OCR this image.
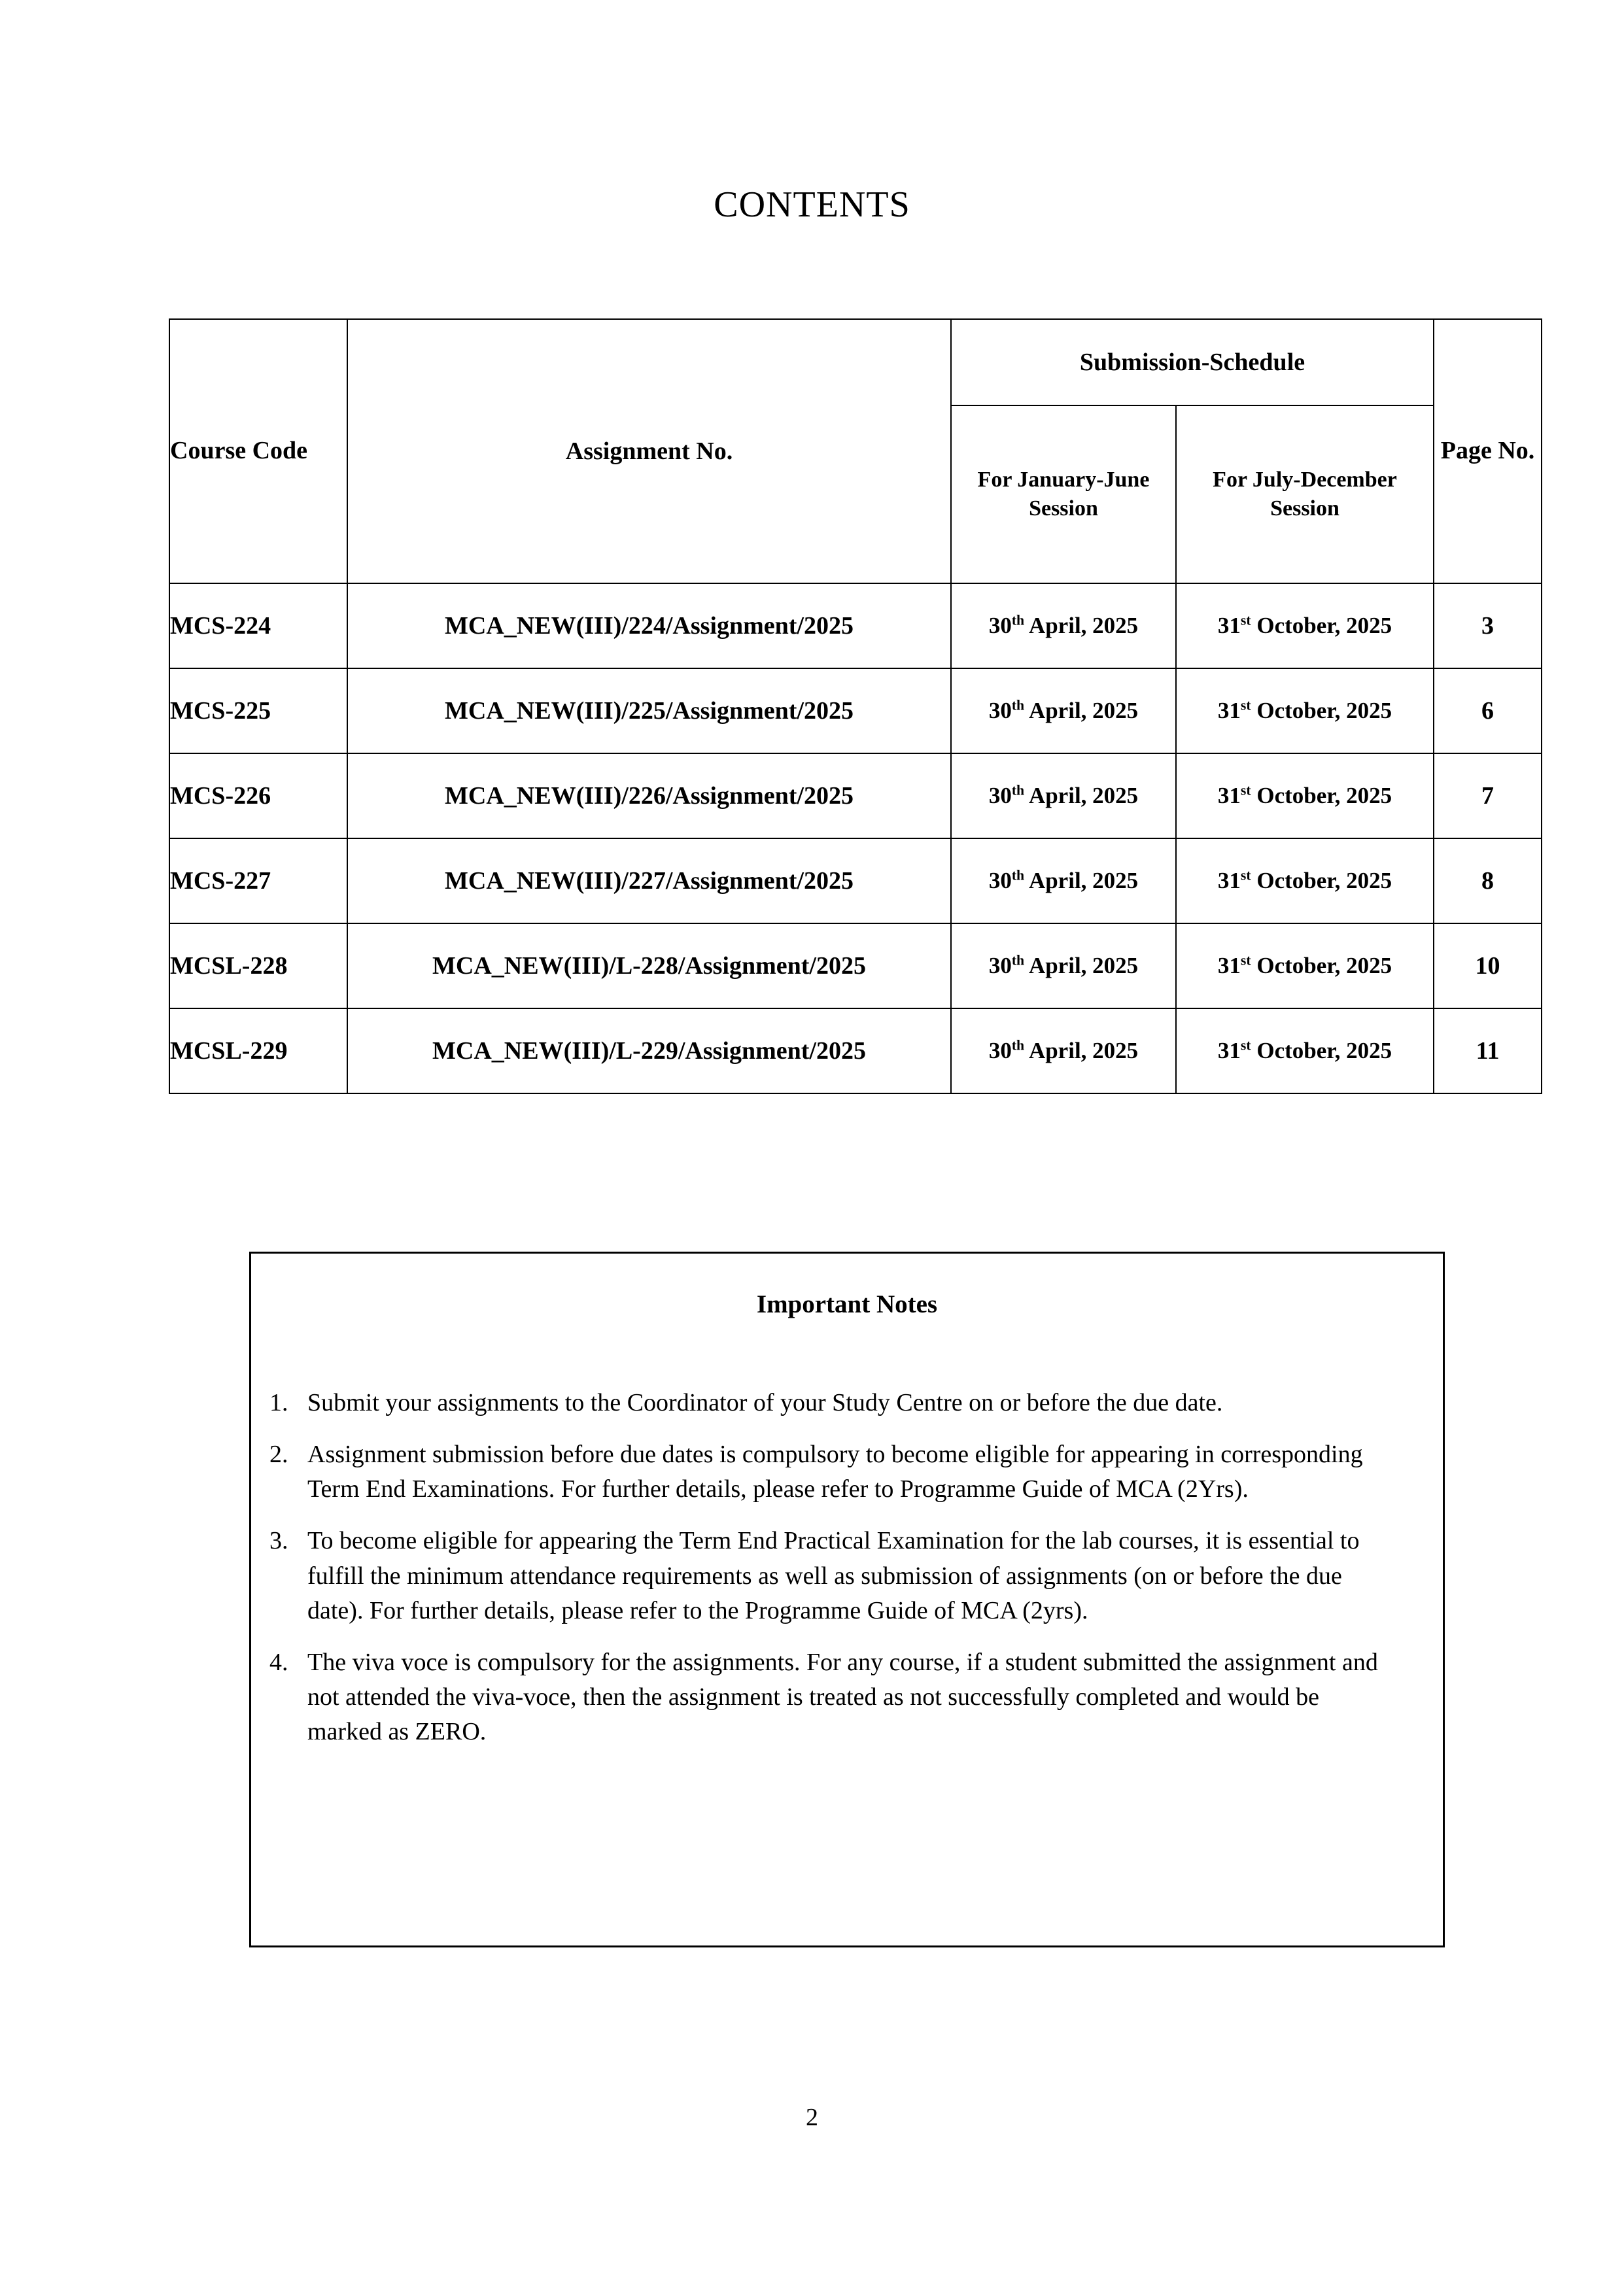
CONTENTS
Course Code	Assignment No.	Submission-Schedule		Page No.
		For January-June Session	For July-December Session	
MCS-224	MCA_NEW(III)/224/Assignment/2025	30th April, 2025	31st October, 2025	3
MCS-225	MCA_NEW(III)/225/Assignment/2025	30th April, 2025	31st October, 2025	6
MCS-226	MCA_NEW(III)/226/Assignment/2025	30th April, 2025	31st October, 2025	7
MCS-227	MCA_NEW(III)/227/Assignment/2025	30th April, 2025	31st October, 2025	8
MCSL-228	MCA_NEW(III)/L-228/Assignment/2025	30th April, 2025	31st October, 2025	10
MCSL-229	MCA_NEW(III)/L-229/Assignment/2025	30th April, 2025	31st October, 2025	11
Important Notes
1. Submit your assignments to the Coordinator of your Study Centre on or before the due date.
2. Assignment submission before due dates is compulsory to become eligible for appearing in corresponding Term End Examinations. For further details, please refer to Programme Guide of MCA (2Yrs).
3. To become eligible for appearing the Term End Practical Examination for the lab courses, it is essential to fulfill the minimum attendance requirements as well as submission of assignments (on or before the due date). For further details, please refer to the Programme Guide of MCA (2yrs).
4. The viva voce is compulsory for the assignments. For any course, if a student submitted the assignment and not attended the viva-voce, then the assignment is treated as not successfully completed and would be marked as ZERO.
2
